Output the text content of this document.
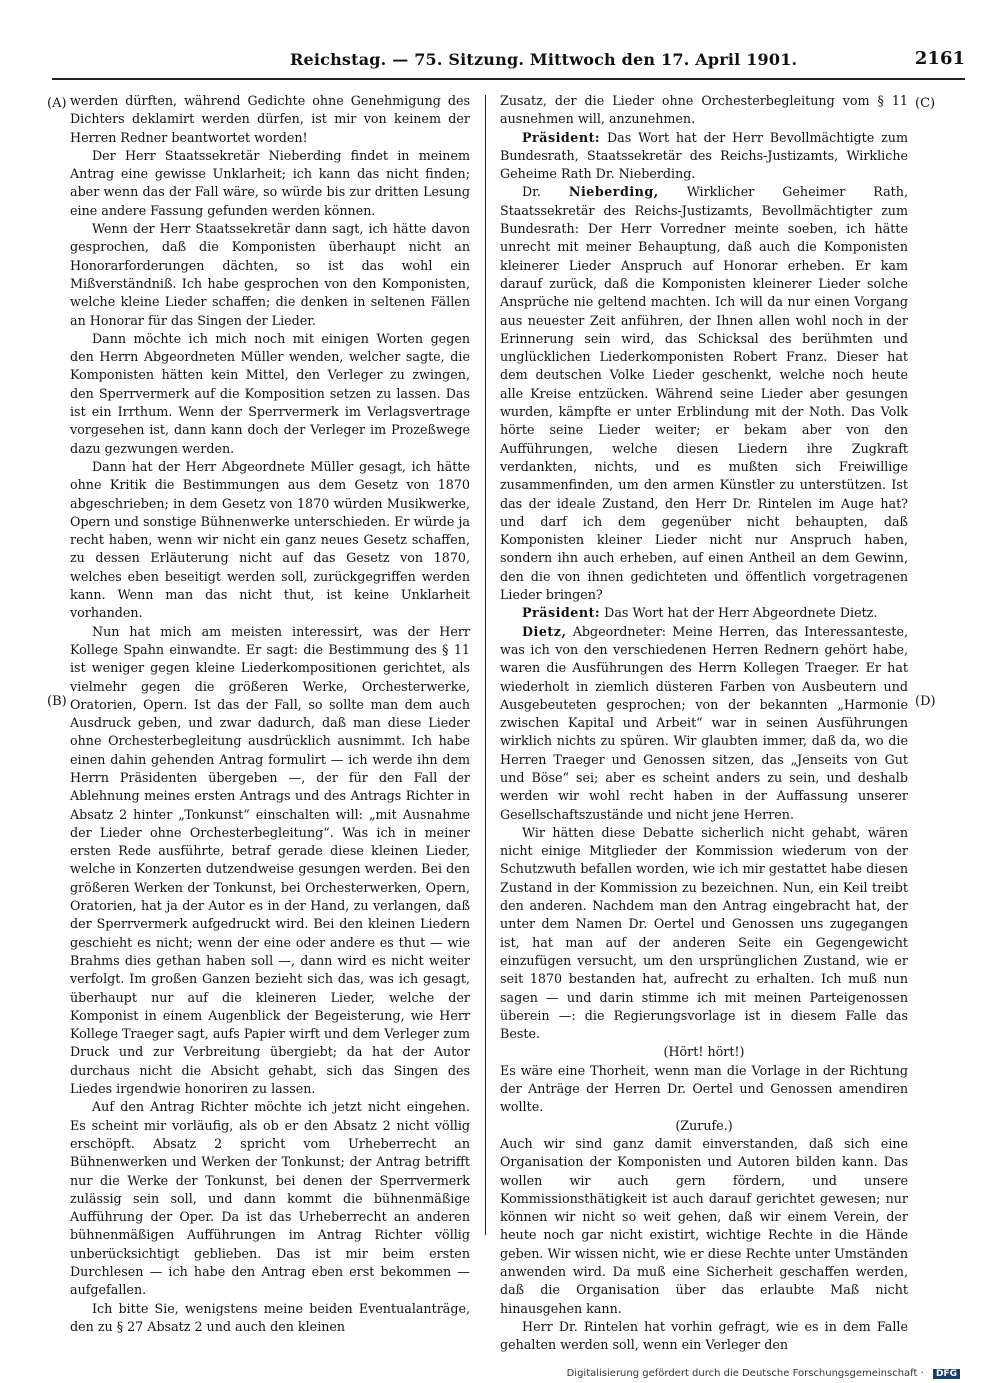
Reichstag. — 75. Sitzung. Mittwoch den 17. April 1901.	2161
(A)
(B)
(C)
(D)

werden dürften, während Gedichte ohne Genehmigung des Dichters deklamirt werden dürfen, ist mir von keinem der Herren Redner beantwortet worden!

Der Herr Staatssekretär Nieberding findet in meinem Antrag eine gewisse Unklarheit; ich kann das nicht finden; aber wenn das der Fall wäre, so würde bis zur dritten Lesung eine andere Fassung gefunden werden können.

Wenn der Herr Staatssekretär dann sagt, ich hätte davon gesprochen, daß die Komponisten überhaupt nicht an Honorarforderungen dächten, so ist das wohl ein Mißverständniß. Ich habe gesprochen von den Komponisten, welche kleine Lieder schaffen; die denken in seltenen Fällen an Honorar für das Singen der Lieder.

Dann möchte ich mich noch mit einigen Worten gegen den Herrn Abgeordneten Müller wenden, welcher sagte, die Komponisten hätten kein Mittel, den Verleger zu zwingen, den Sperrvermerk auf die Komposition setzen zu lassen. Das ist ein Irrthum. Wenn der Sperrvermerk im Verlagsvertrage vorgesehen ist, dann kann doch der Verleger im Prozeßwege dazu gezwungen werden.

Dann hat der Herr Abgeordnete Müller gesagt, ich hätte ohne Kritik die Bestimmungen aus dem Gesetz von 1870 abgeschrieben; in dem Gesetz von 1870 würden Musikwerke, Opern und sonstige Bühnenwerke unterschieden. Er würde ja recht haben, wenn wir nicht ein ganz neues Gesetz schaffen, zu dessen Erläuterung nicht auf das Gesetz von 1870, welches eben beseitigt werden soll, zurückgegriffen werden kann. Wenn man das nicht thut, ist keine Unklarheit vorhanden.

Nun hat mich am meisten interessirt, was der Herr Kollege Spahn einwandte. Er sagt: die Bestimmung des § 11 ist weniger gegen kleine Liederkompositionen gerichtet, als vielmehr gegen die größeren Werke, Orchesterwerke, Oratorien, Opern. Ist das der Fall, so sollte man dem auch Ausdruck geben, und zwar dadurch, daß man diese Lieder ohne Orchesterbegleitung ausdrücklich ausnimmt. Ich habe einen dahin gehenden Antrag formulirt — ich werde ihn dem Herrn Präsidenten übergeben —, der für den Fall der Ablehnung meines ersten Antrags und des Antrags Richter in Absatz 2 hinter „Tonkunst“ einschalten will: „mit Ausnahme der Lieder ohne Orchesterbegleitung“. Was ich in meiner ersten Rede ausführte, betraf gerade diese kleinen Lieder, welche in Konzerten dutzendweise gesungen werden. Bei den größeren Werken der Tonkunst, bei Orchesterwerken, Opern, Oratorien, hat ja der Autor es in der Hand, zu verlangen, daß der Sperrvermerk aufgedruckt wird. Bei den kleinen Liedern geschieht es nicht; wenn der eine oder andere es thut — wie Brahms dies gethan haben soll —, dann wird es nicht weiter verfolgt. Im großen Ganzen bezieht sich das, was ich gesagt, überhaupt nur auf die kleineren Lieder, welche der Komponist in einem Augenblick der Begeisterung, wie Herr Kollege Traeger sagt, aufs Papier wirft und dem Verleger zum Druck und zur Verbreitung übergiebt; da hat der Autor durchaus nicht die Absicht gehabt, sich das Singen des Liedes irgendwie honoriren zu lassen.

Auf den Antrag Richter möchte ich jetzt nicht eingehen. Es scheint mir vorläufig, als ob er den Absatz 2 nicht völlig erschöpft. Absatz 2 spricht vom Urheberrecht an Bühnenwerken und Werken der Tonkunst; der Antrag betrifft nur die Werke der Tonkunst, bei denen der Sperrvermerk zulässig sein soll, und dann kommt die bühnenmäßige Aufführung der Oper. Da ist das Urheberrecht an anderen bühnenmäßigen Aufführungen im Antrag Richter völlig unberücksichtigt geblieben. Das ist mir beim ersten Durchlesen — ich habe den Antrag eben erst bekommen — aufgefallen.

Ich bitte Sie, wenigstens meine beiden Eventualanträge, den zu § 27 Absatz 2 und auch den kleinen

Zusatz, der die Lieder ohne Orchesterbegleitung vom § 11 ausnehmen will, anzunehmen.

Präsident: Das Wort hat der Herr Bevollmächtigte zum Bundesrath, Staatssekretär des Reichs-Justizamts, Wirkliche Geheime Rath Dr. Nieberding.

Dr. Nieberding, Wirklicher Geheimer Rath, Staatssekretär des Reichs-Justizamts, Bevollmächtigter zum Bundesrath: Der Herr Vorredner meinte soeben, ich hätte unrecht mit meiner Behauptung, daß auch die Komponisten kleinerer Lieder Anspruch auf Honorar erheben. Er kam darauf zurück, daß die Komponisten kleinerer Lieder solche Ansprüche nie geltend machten. Ich will da nur einen Vorgang aus neuester Zeit anführen, der Ihnen allen wohl noch in der Erinnerung sein wird, das Schicksal des berühmten und unglücklichen Liederkomponisten Robert Franz. Dieser hat dem deutschen Volke Lieder geschenkt, welche noch heute alle Kreise entzücken. Während seine Lieder aber gesungen wurden, kämpfte er unter Erblindung mit der Noth. Das Volk hörte seine Lieder weiter; er bekam aber von den Aufführungen, welche diesen Liedern ihre Zugkraft verdankten, nichts, und es mußten sich Freiwillige zusammenfinden, um den armen Künstler zu unterstützen. Ist das der ideale Zustand, den Herr Dr. Rintelen im Auge hat? und darf ich dem gegenüber nicht behaupten, daß Komponisten kleiner Lieder nicht nur Anspruch haben, sondern ihn auch erheben, auf einen Antheil an dem Gewinn, den die von ihnen gedichteten und öffentlich vorgetragenen Lieder bringen?

Präsident: Das Wort hat der Herr Abgeordnete Dietz.

Dietz, Abgeordneter: Meine Herren, das Interessanteste, was ich von den verschiedenen Herren Rednern gehört habe, waren die Ausführungen des Herrn Kollegen Traeger. Er hat wiederholt in ziemlich düsteren Farben von Ausbeutern und Ausgebeuteten gesprochen; von der bekannten „Harmonie zwischen Kapital und Arbeit“ war in seinen Ausführungen wirklich nichts zu spüren. Wir glaubten immer, daß da, wo die Herren Traeger und Genossen sitzen, das „Jenseits von Gut und Böse“ sei; aber es scheint anders zu sein, und deshalb werden wir wohl recht haben in der Auffassung unserer Gesellschaftszustände und nicht jene Herren.

Wir hätten diese Debatte sicherlich nicht gehabt, wären nicht einige Mitglieder der Kommission wiederum von der Schutzwuth befallen worden, wie ich mir gestattet habe diesen Zustand in der Kommission zu bezeichnen. Nun, ein Keil treibt den anderen. Nachdem man den Antrag eingebracht hat, der unter dem Namen Dr. Oertel und Genossen uns zugegangen ist, hat man auf der anderen Seite ein Gegengewicht einzufügen versucht, um den ursprünglichen Zustand, wie er seit 1870 bestanden hat, aufrecht zu erhalten. Ich muß nun sagen — und darin stimme ich mit meinen Parteigenossen überein —: die Regierungsvorlage ist in diesem Falle das Beste.

(Hört! hört!)

Es wäre eine Thorheit, wenn man die Vorlage in der Richtung der Anträge der Herren Dr. Oertel und Genossen amendiren wollte.

(Zurufe.)

Auch wir sind ganz damit einverstanden, daß sich eine Organisation der Komponisten und Autoren bilden kann. Das wollen wir auch gern fördern, und unsere Kommissionsthätigkeit ist auch darauf gerichtet gewesen; nur können wir nicht so weit gehen, daß wir einem Verein, der heute noch gar nicht existirt, wichtige Rechte in die Hände geben. Wir wissen nicht, wie er diese Rechte unter Umständen anwenden wird. Da muß eine Sicherheit geschaffen werden, daß die Organisation über das erlaubte Maß nicht hinausgehen kann.

Herr Dr. Rintelen hat vorhin gefragt, wie es in dem Falle gehalten werden soll, wenn ein Verleger den

Digitalisierung gefördert durch die Deutsche Forschungsgemeinschaft · DFG
